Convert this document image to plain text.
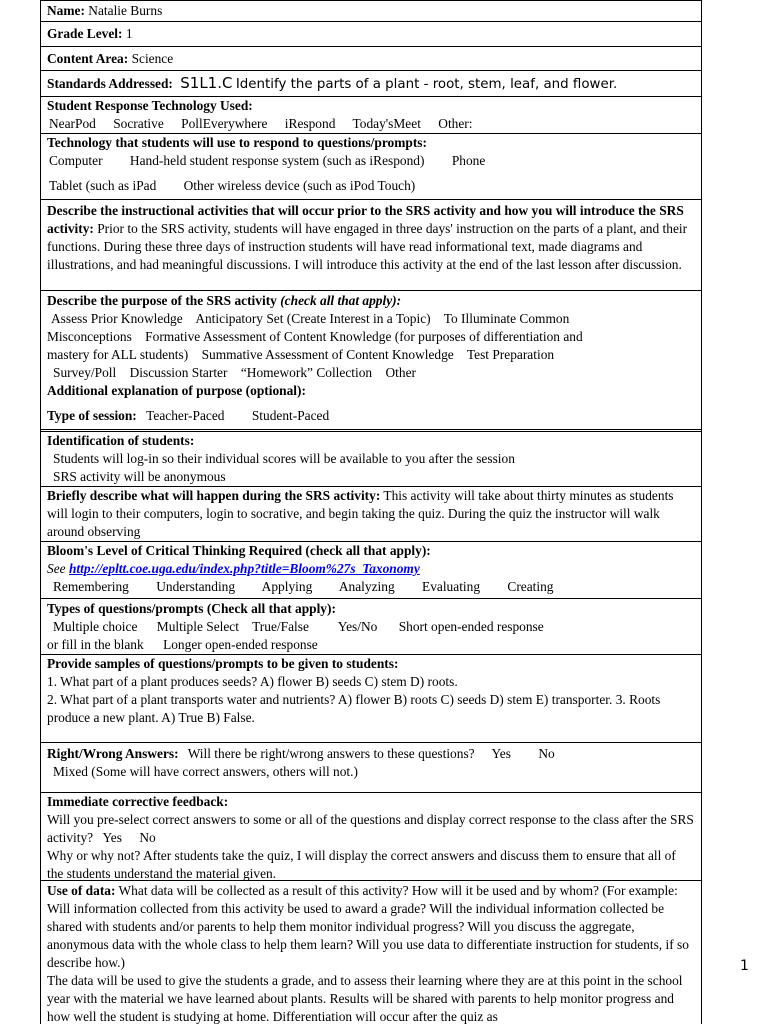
Name: Natalie Burns
Grade Level: 1
Content Area: Science
Standards Addressed: S1L1.C Identify the parts of a plant - root, stem, leaf, and flower.

Student Response Technology Used:

NearPod Socrative PollEverywhere iRespond Today'sMeet Other:

Technology that students will use to respond to questions/prompts:

Computer Hand-held student response system (such as iRespond) Phone

Tablet (such as iPad Other wireless device (such as iPod Touch)

Describe the instructional activities that will occur prior to the SRS activity and how you will introduce the SRS activity: Prior to the SRS activity, students will have engaged in three days' instruction on the parts of a plant, and their functions. During these three days of instruction students will have read informational text, made diagrams and illustrations, and had meaningful discussions. I will introduce this activity at the end of the last lesson after discussion.

Describe the purpose of the SRS activity (check all that apply):

Assess Prior Knowledge    Anticipatory Set (Create Interest in a Topic)    To Illuminate Common

Misconceptions    Formative Assessment of Content Knowledge (for purposes of differentiation and

mastery for ALL students)    Summative Assessment of Content Knowledge    Test Preparation

Survey/Poll    Discussion Starter    “Homework” Collection    Other

Additional explanation of purpose (optional):

Type of session: Teacher-Paced Student-Paced

Identification of students:

Students will log-in so their individual scores will be available to you after the session

SRS activity will be anonymous

Briefly describe what will happen during the SRS activity: This activity will take about thirty minutes as students will login to their computers, login to socrative, and begin taking the quiz. During the quiz the instructor will walk around observing

Bloom's Level of Critical Thinking Required (check all that apply):

See http://epltt.coe.uga.edu/index.php?title=Bloom%27s_Taxonomy

Remembering Understanding Applying Analyzing Evaluating Creating

Types of questions/prompts (Check all that apply):

Multiple choice Multiple Select True/False Yes/No Short open-ended response

or fill in the blank Longer open-ended response

Provide samples of questions/prompts to be given to students:

1. What part of a plant produces seeds? A) flower B) seeds C) stem D) roots.

2. What part of a plant transports water and nutrients? A) flower B) roots C) seeds D) stem E) transporter. 3. Roots produce a new plant. A) True B) False.

Right/Wrong Answers: Will there be right/wrong answers to these questions? Yes No

Mixed (Some will have correct answers, others will not.)

Immediate corrective feedback:

Will you pre-select correct answers to some or all of the questions and display correct response to the class after the SRS activity? Yes No

Why or why not? After students take the quiz, I will display the correct answers and discuss them to ensure that all of the students understand the material given.

Use of data: What data will be collected as a result of this activity? How will it be used and by whom? (For example: Will information collected from this activity be used to award a grade? Will the individual information collected be shared with students and/or parents to help them monitor individual progress? Will you discuss the aggregate, anonymous data with the whole class to help them learn? Will you use data to differentiate instruction for students, if so describe how.)

The data will be used to give the students a grade, and to assess their learning where they are at this point in the school year with the material we have learned about plants. Results will be shared with parents to help monitor progress and how well the student is studying at home. Differentiation will occur after the quiz as

1
